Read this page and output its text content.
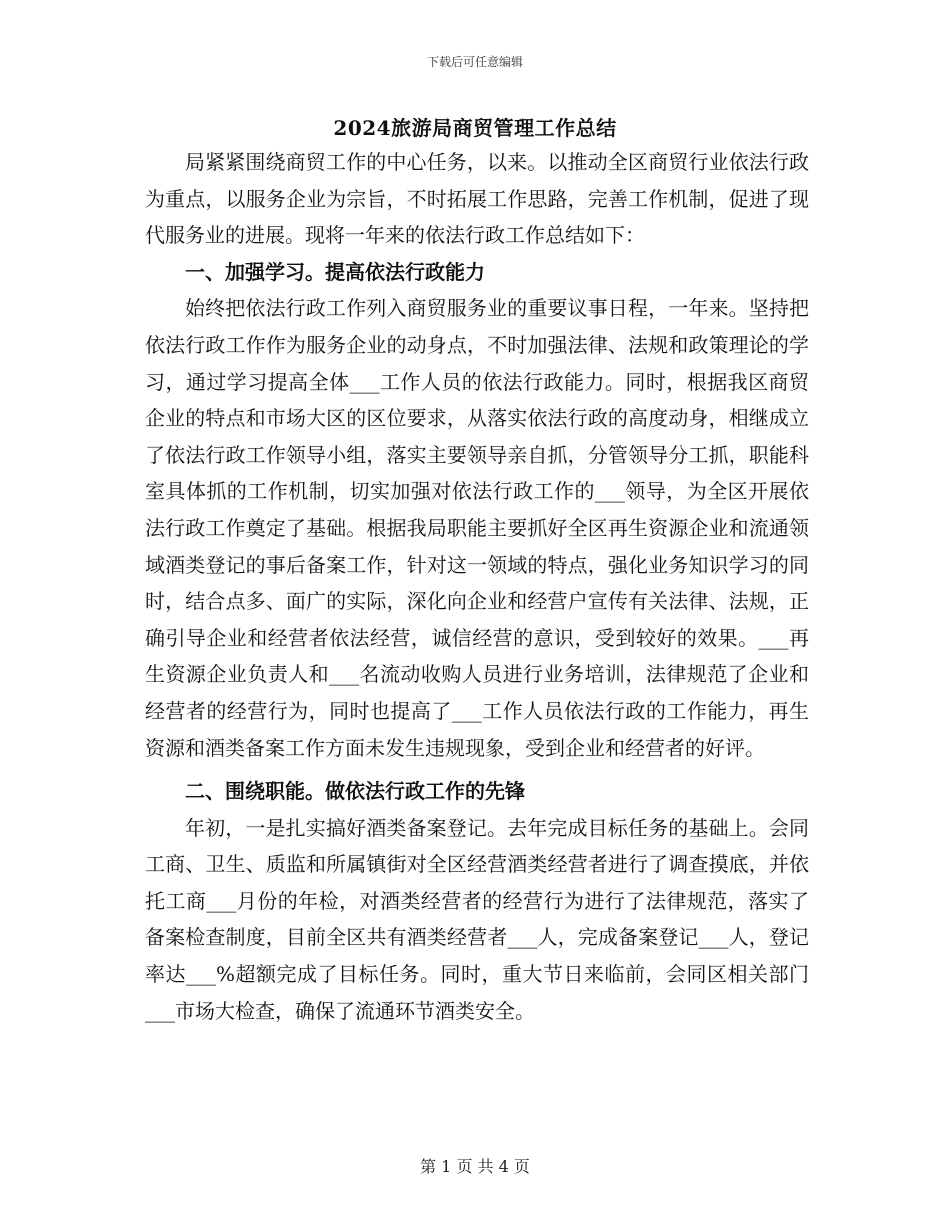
下载后可任意编辑
2024旅游局商贸管理工作总结

局紧紧围绕商贸工作的中心任务，以来。以推动全区商贸行业依法行政为重点，以服务企业为宗旨，不时拓展工作思路，完善工作机制，促进了现代服务业的进展。现将一年来的依法行政工作总结如下：

一、加强学习。提高依法行政能力

始终把依法行政工作列入商贸服务业的重要议事日程，一年来。坚持把依法行政工作作为服务企业的动身点，不时加强法律、法规和政策理论的学习，通过学习提高全体___工作人员的依法行政能力。同时，根据我区商贸企业的特点和市场大区的区位要求，从落实依法行政的高度动身，相继成立了依法行政工作领导小组，落实主要领导亲自抓，分管领导分工抓，职能科室具体抓的工作机制，切实加强对依法行政工作的___领导，为全区开展依法行政工作奠定了基础。根据我局职能主要抓好全区再生资源企业和流通领域酒类登记的事后备案工作，针对这一领域的特点，强化业务知识学习的同时，结合点多、面广的实际，深化向企业和经营户宣传有关法律、法规，正确引导企业和经营者依法经营，诚信经营的意识，受到较好的效果。___再生资源企业负责人和___名流动收购人员进行业务培训，法律规范了企业和经营者的经营行为，同时也提高了___工作人员依法行政的工作能力，再生资源和酒类备案工作方面未发生违规现象，受到企业和经营者的好评。

二、围绕职能。做依法行政工作的先锋

年初，一是扎实搞好酒类备案登记。去年完成目标任务的基础上。会同工商、卫生、质监和所属镇街对全区经营酒类经营者进行了调查摸底，并依托工商___月份的年检，对酒类经营者的经营行为进行了法律规范，落实了备案检查制度，目前全区共有酒类经营者___人，完成备案登记___人，登记率达___%超额完成了目标任务。同时，重大节日来临前，会同区相关部门___市场大检查，确保了流通环节酒类安全。

第 1 页 共 4 页
